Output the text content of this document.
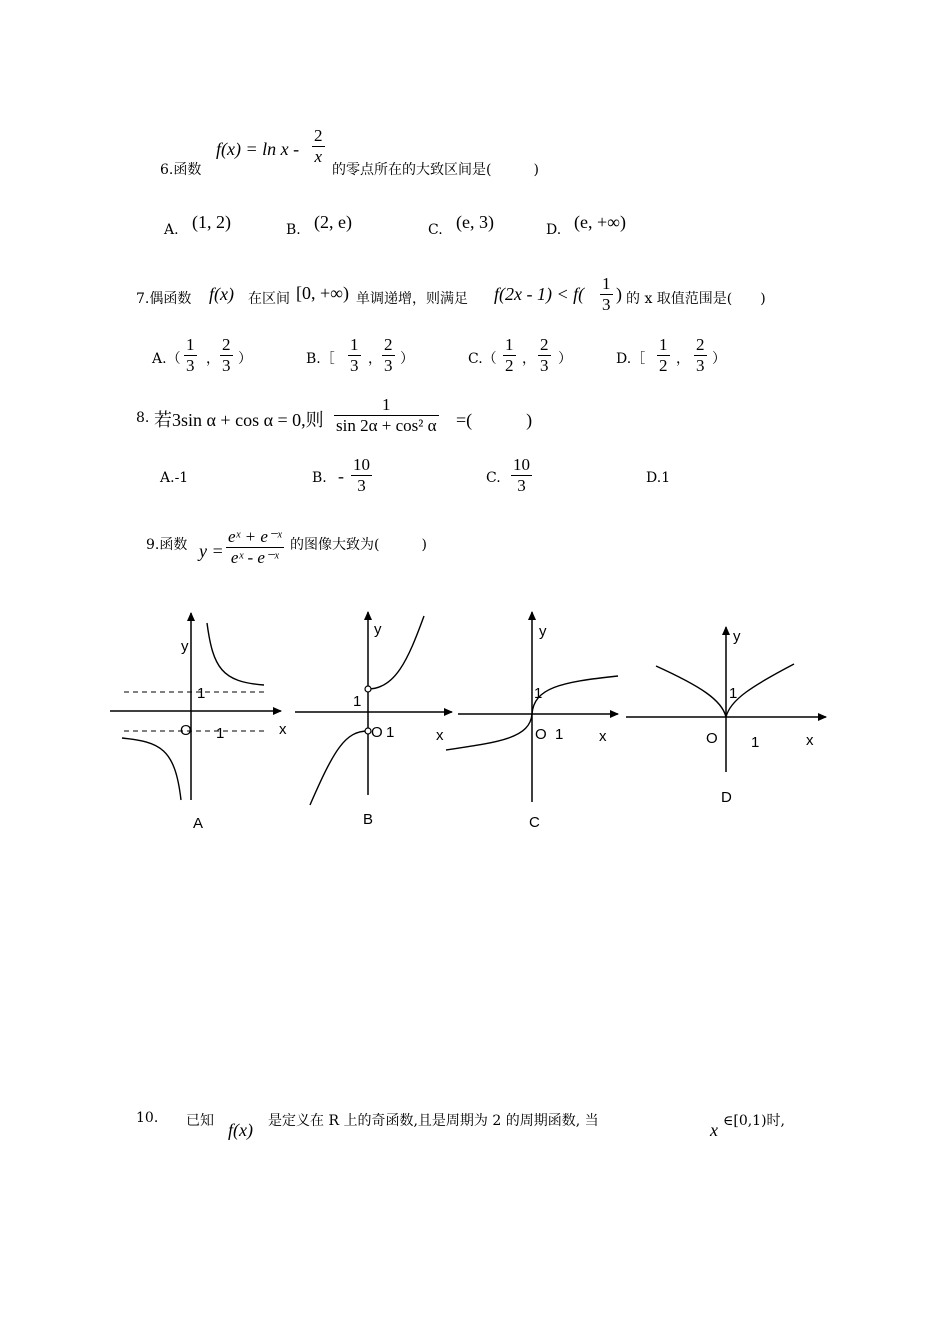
6.函数
$f(x) = \ln x - \frac{2}{x}$
的零点所在的大致区间是(　　　)
A. (1, 2)	B. (2, e)	C. (e, 3)	D. (e, +∞)
7.偶函数 f(x) 在区间 [0, +∞) 单调递增，则满足 $f(2x - 1) < f( \frac{1}{3}$ ) 的 x 取值范围是(　　)
$A.( \frac{1}{3}$ ， $\frac{2}{3}$ ）	B.［ $\frac{1}{3}$ ， $\frac{2}{3}$ ）	$C.( \frac{1}{2}$ ， $\frac{2}{3}$ ）	D.［ $\frac{1}{2}$ ， $\frac{2}{3}$ ）
8. 若3sin α + cos α = 0,则 $\frac{1}{\text{sin 2α + cos² α}}$ =(　　　)
A.-1	B. - $\frac{10}{3}$	C. $\frac{10}{3}$	D.1
9.函数 $y = \frac{\text{eˣ + e⁻ˣ}}{\text{eˣ - e⁻ˣ}}$ 的图像大致为(　　　)
y
x
O
1
1
A
y
x
1
O 1
B
y
x
1
O 1
C
y
x
1
O 1
D
10. 已知 f(x) 是定义在 R 上的奇函数,且是周期为 2 的周期函数, 当	x ∈[0,1)时,
